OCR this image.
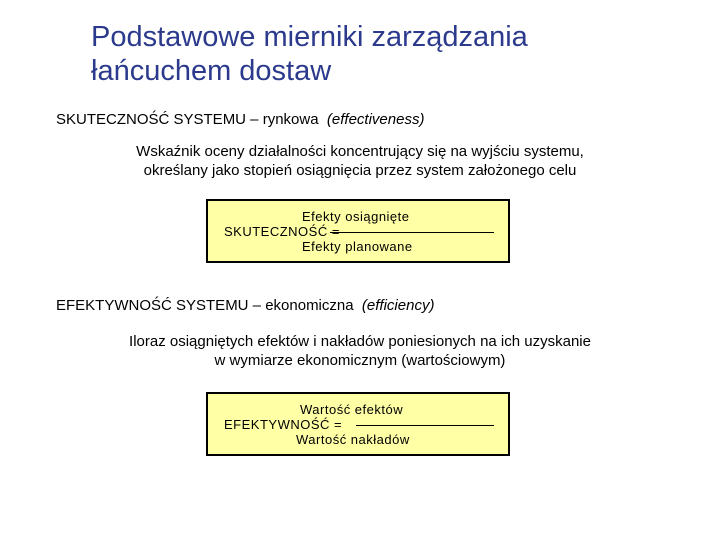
Podstawowe mierniki zarządzania
łańcuchem dostaw
SKUTECZNOŚĆ SYSTEMU – rynkowa (effectiveness)
Wskaźnik oceny działalności koncentrujący się na wyjściu systemu,
określany jako stopień osiągnięcia przez system założonego celu
Efekty osiągnięte
SKUTECZNOŚĆ =
Efekty planowane
EFEKTYWNOŚĆ SYSTEMU – ekonomiczna (efficiency)
Iloraz osiągniętych efektów i nakładów poniesionych na ich uzyskanie
w wymiarze ekonomicznym (wartościowym)
Wartość efektów
EFEKTYWNOŚĆ =
Wartość nakładów
